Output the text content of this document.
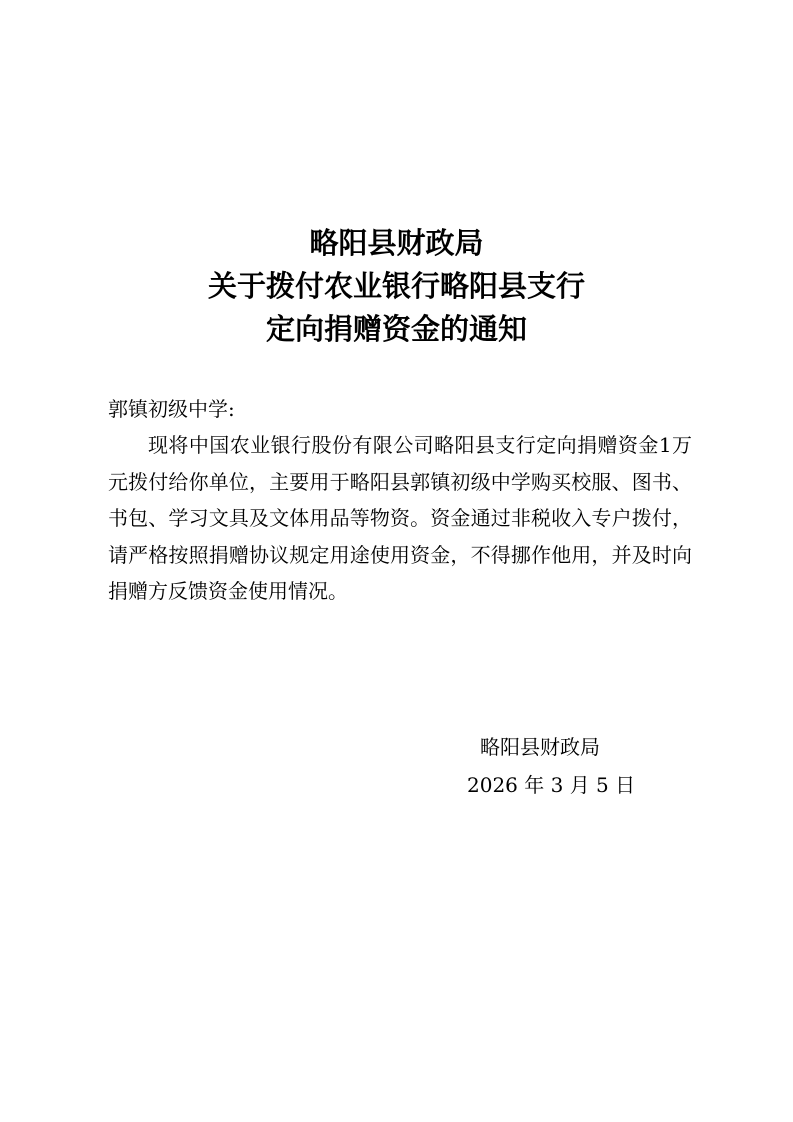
略阳县财政局
关于拨付农业银行略阳县支行
定向捐赠资金的通知
郭镇初级中学:

现将中国农业银行股份有限公司略阳县支行定向捐赠资金1万元拨付给你单位，主要用于略阳县郭镇初级中学购买校服、图书、书包、学习文具及文体用品等物资。资金通过非税收入专户拨付，请严格按照捐赠协议规定用途使用资金，不得挪作他用，并及时向捐赠方反馈资金使用情况。

略阳县财政局
2026 年 3 月 5 日
